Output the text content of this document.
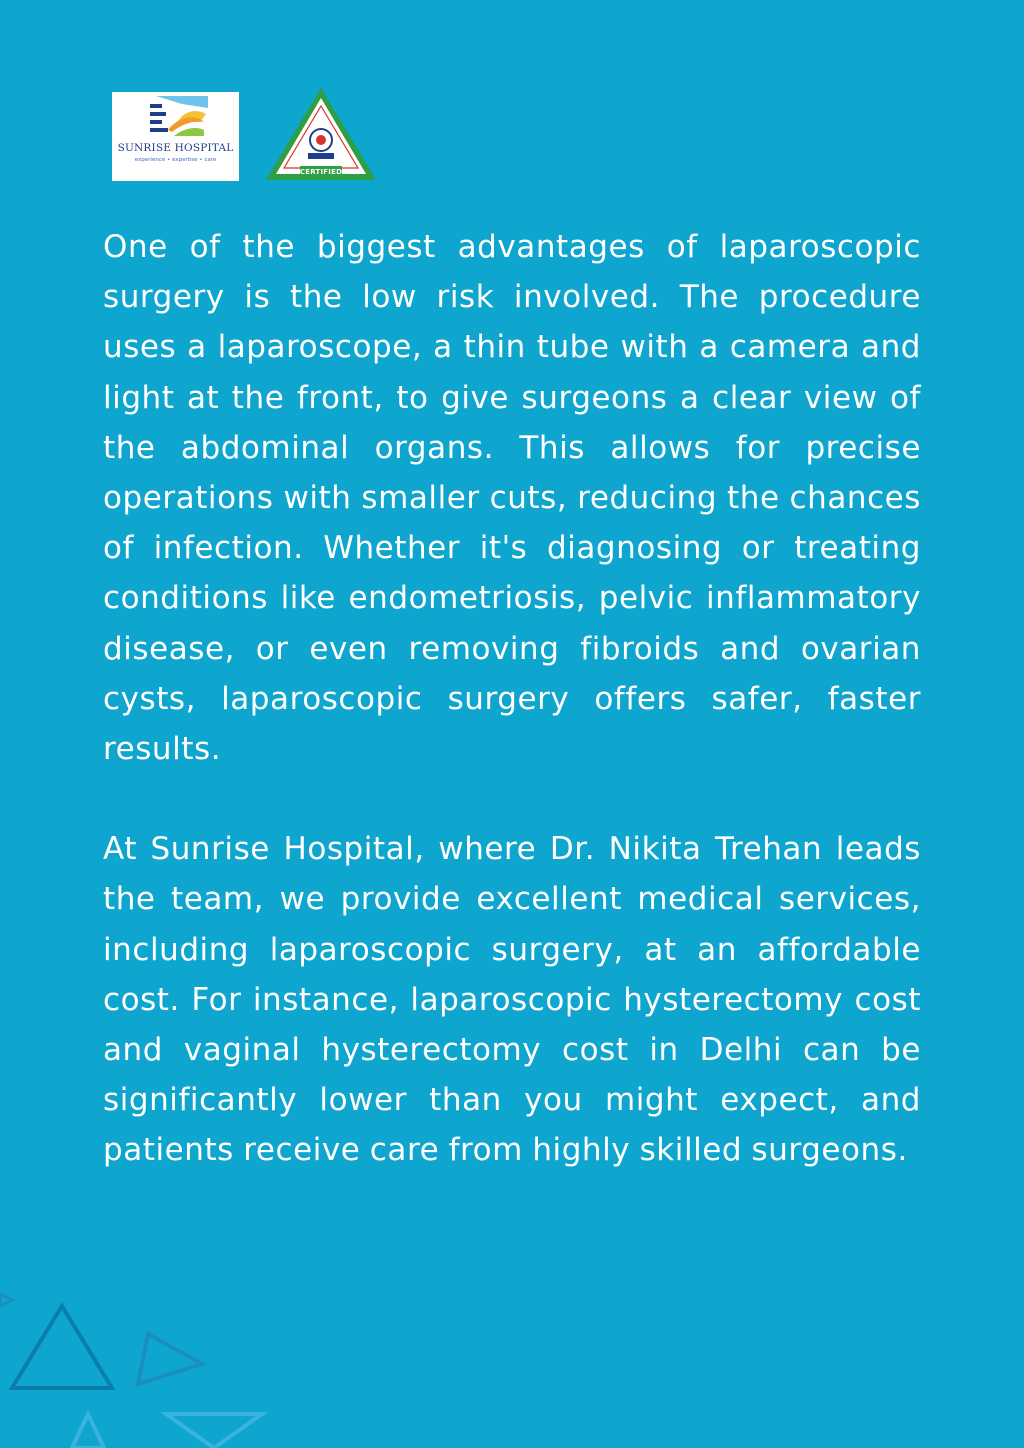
SUNRISE HOSPITAL
experience • expertise • care
CERTIFIED

One of the biggest advantages of laparoscopic surgery is the low risk involved. The procedure uses a laparoscope, a thin tube with a camera and light at the front, to give surgeons a clear view of the abdominal organs. This allows for precise operations with smaller cuts, reducing the chances of infection. Whether it's diagnosing or treating conditions like endometriosis, pelvic inflammatory disease, or even removing fibroids and ovarian cysts, laparoscopic surgery offers safer, faster results.

At Sunrise Hospital, where Dr. Nikita Trehan leads the team, we provide excellent medical services, including laparoscopic surgery, at an affordable cost. For instance, laparoscopic hysterectomy cost and vaginal hysterectomy cost in Delhi can be significantly lower than you might expect, and patients receive care from highly skilled surgeons.
